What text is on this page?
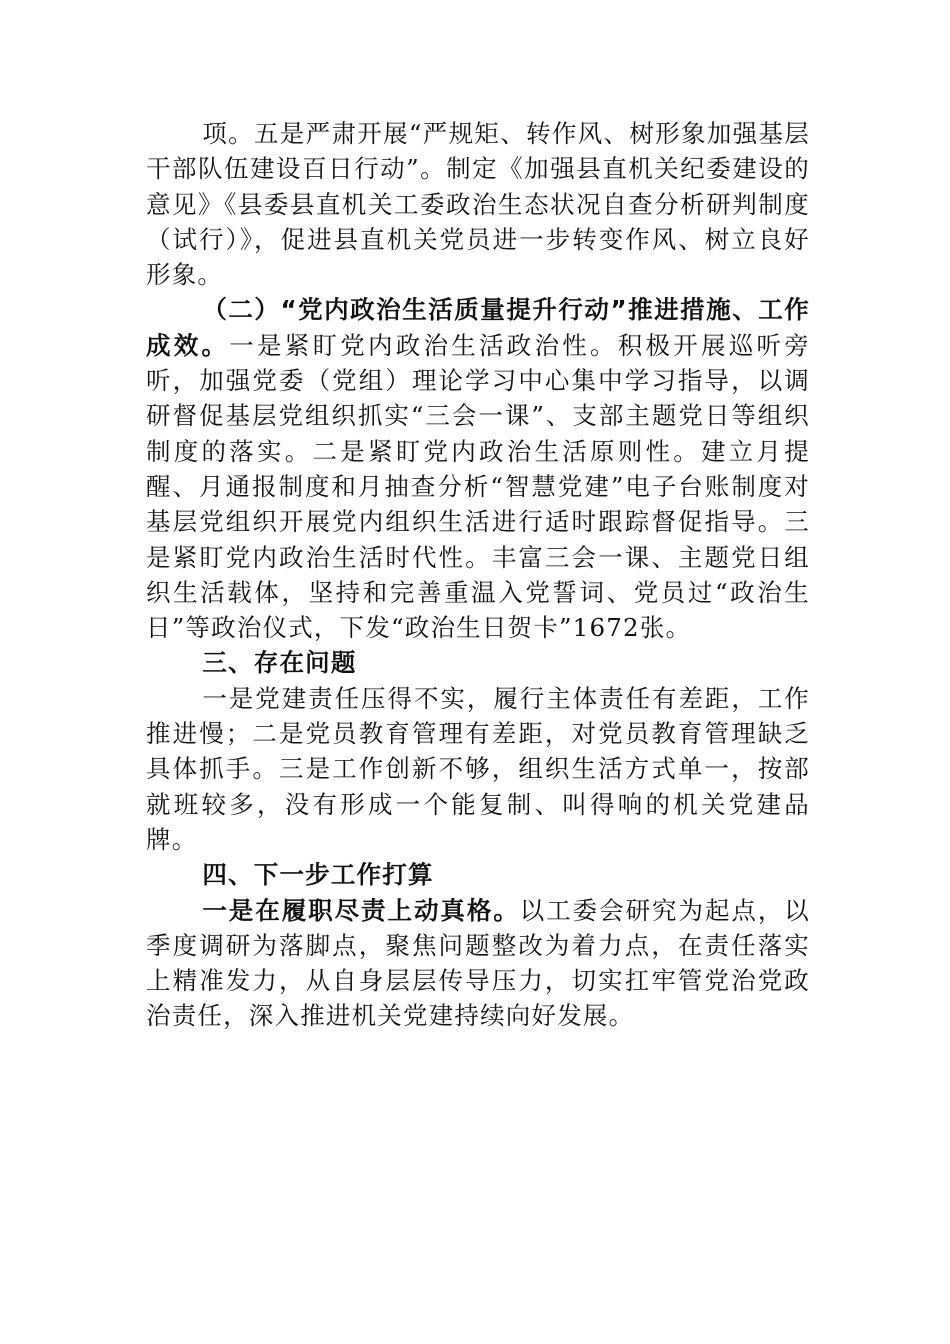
项。五是严肃开展“严规矩、转作风、树形象加强基层干部队伍建设百日行动”。制定《加强县直机关纪委建设的意见》《县委县直机关工委政治生态状况自查分析研判制度（试行）》，促进县直机关党员进一步转变作风、树立良好形象。

（二）“党内政治生活质量提升行动”推进措施、工作成效。一是紧盯党内政治生活政治性。积极开展巡听旁听，加强党委（党组）理论学习中心集中学习指导，以调研督促基层党组织抓实“三会一课”、支部主题党日等组织制度的落实。二是紧盯党内政治生活原则性。建立月提醒、月通报制度和月抽查分析“智慧党建”电子台账制度对基层党组织开展党内组织生活进行适时跟踪督促指导。三是紧盯党内政治生活时代性。丰富三会一课、主题党日组织生活载体，坚持和完善重温入党誓词、党员过“政治生日”等政治仪式，下发“政治生日贺卡”1672张。

三、存在问题

一是党建责任压得不实，履行主体责任有差距，工作推进慢；二是党员教育管理有差距，对党员教育管理缺乏具体抓手。三是工作创新不够，组织生活方式单一，按部就班较多，没有形成一个能复制、叫得响的机关党建品牌。

四、下一步工作打算

一是在履职尽责上动真格。以工委会研究为起点，以季度调研为落脚点，聚焦问题整改为着力点，在责任落实上精准发力，从自身层层传导压力，切实扛牢管党治党政治责任，深入推进机关党建持续向好发展。
